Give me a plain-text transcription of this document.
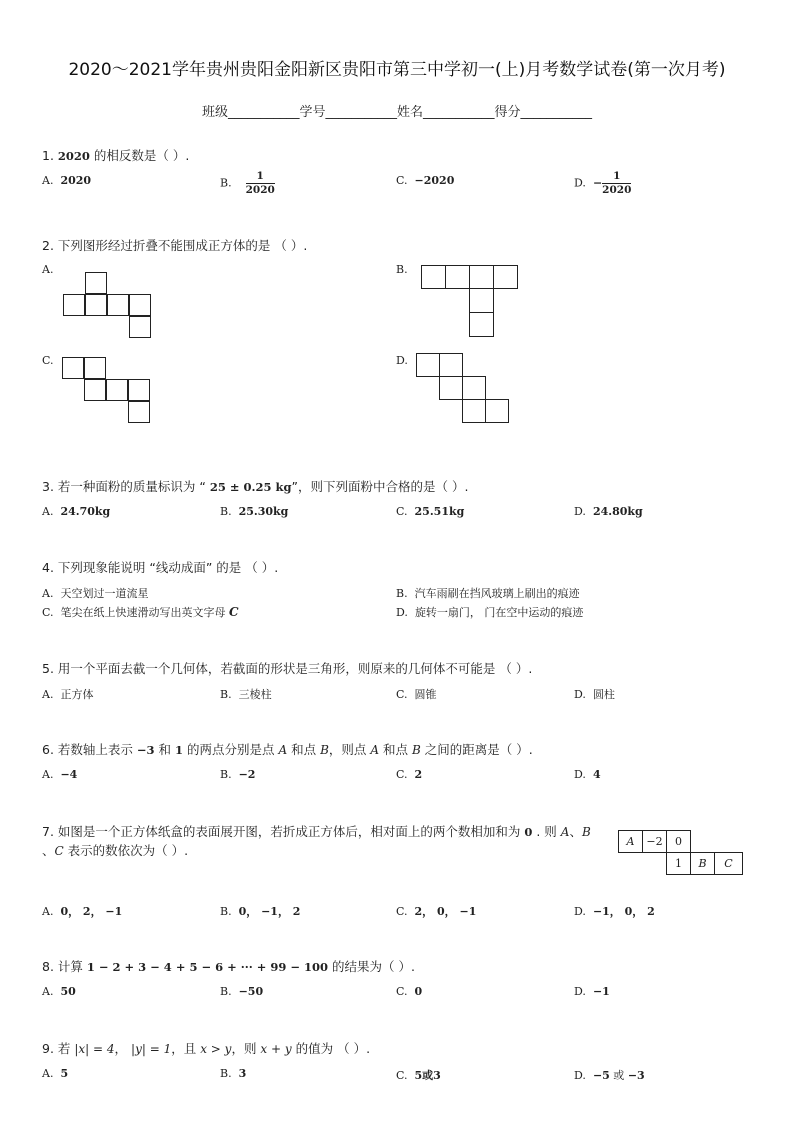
2020～2021学年贵州贵阳金阳新区贵阳市第三中学初一(上)月考数学试卷(第一次月考)
班级___________学号___________姓名___________得分___________
1. 2020 的相反数是（ ）.
A. 2020	B. $\frac{1}{2020}$	C. −2020	D. − $\frac{1}{2020}$
2. 下列图形经过折叠不能围成正方体的是 （ ）.
A.	B.
C.	D.
3. 若一种面粉的质量标识为 “ 25 ± 0.25 kg”，则下列面粉中合格的是（ ）.
A. 24.70kg	B. 25.30kg	C. 25.51kg	D. 24.80kg
4. 下列现象能说明 “线动成面” 的是 （ ）.
A. 天空划过一道流星	B. 汽车雨刷在挡风玻璃上刷出的痕迹
C. 笔尖在纸上快速滑动写出英文字母 C	D. 旋转一扇门， 门在空中运动的痕迹
5. 用一个平面去截一个几何体，若截面的形状是三角形，则原来的几何体不可能是 （ ）.
A. 正方体	B. 三棱柱	C. 圆锥	D. 圆柱
6. 若数轴上表示 −3 和 1 的两点分别是点 A 和点 B，则点 A 和点 B 之间的距离是（ ）.
A. −4	B. −2	C. 2	D. 4
7. 如图是一个正方体纸盒的表面展开图，若折成正方体后，相对面上的两个数相加和为 0 . 则 A、B
、C 表示的数依次为（ ）.
A	−2	0
1	B	C
A. 0， 2， −1	B. 0， −1， 2	C. 2， 0， −1	D. −1， 0， 2
8. 计算 1 − 2 + 3 − 4 + 5 − 6 + ··· + 99 − 100 的结果为（ ）.
A. 50	B. −50	C. 0	D. −1
9. 若 |x| = 4， |y| = 1，且 x > y，则 x + y 的值为 （ ）.
A. 5	B. 3	C. 5或3	D. −5 或 −3
